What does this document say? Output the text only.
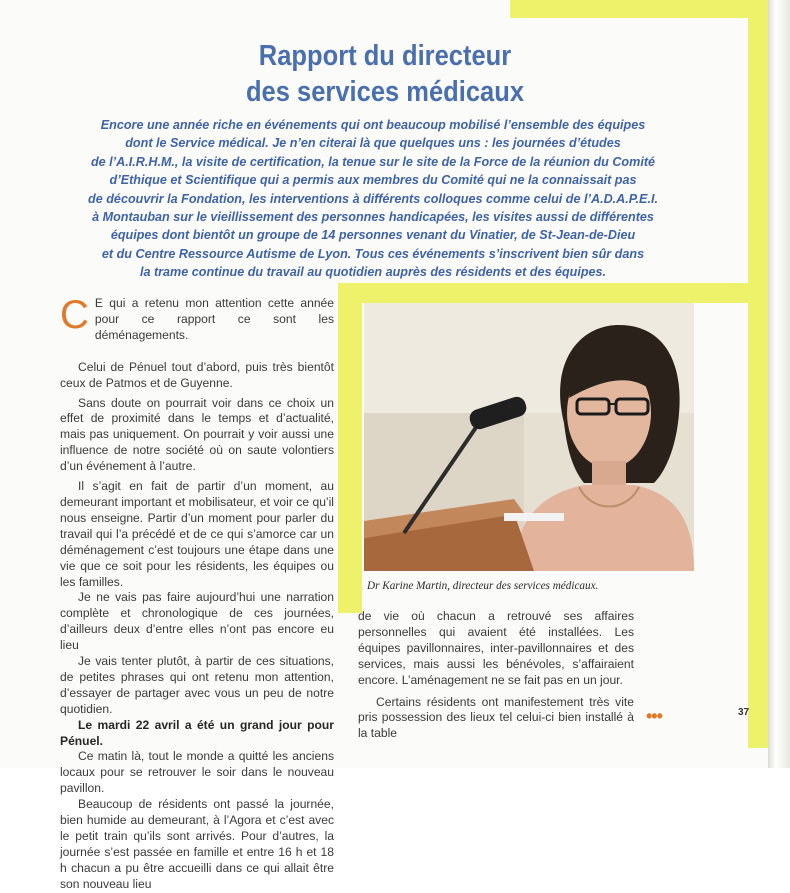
Rapport du directeur
des services médicaux
Encore une année riche en événements qui ont beaucoup mobilisé l’ensemble des équipes
dont le Service médical. Je n’en citerai là que quelques uns : les journées d’études
de l’A.I.R.H.M., la visite de certification, la tenue sur le site de la Force de la réunion du Comité
d’Ethique et Scientifique qui a permis aux membres du Comité qui ne la connaissait pas
de découvrir la Fondation, les interventions à différents colloques comme celui de l’A.D.A.P.E.I.
à Montauban sur le vieillissement des personnes handicapées, les visites aussi de différentes
équipes dont bientôt un groupe de 14 personnes venant du Vinatier, de St-Jean-de-Dieu
et du Centre Ressource Autisme de Lyon. Tous ces événements s’inscrivent bien sûr dans
la trame continue du travail au quotidien auprès des résidents et des équipes.

C E qui a retenu mon attention cette année pour ce rapport ce sont les déménagements.

Celui de Pénuel tout d’abord, puis très bientôt ceux de Patmos et de Guyenne.

Sans doute on pourrait voir dans ce choix un effet de proximité dans le temps et d’actualité, mais pas uniquement. On pourrait y voir aussi une influence de notre société où on saute volontiers d’un événement à l’autre.

Il s’agit en fait de partir d’un moment, au demeurant important et mobilisateur, et voir ce qu’il nous enseigne. Partir d’un moment pour parler du travail qui l’a précédé et de ce qui s’amorce car un déménagement c’est toujours une étape dans une vie que ce soit pour les résidents, les équipes ou les familles.

Je ne vais pas faire aujourd’hui une narration complète et chronologique de ces journées, d’ailleurs deux d’entre elles n’ont pas encore eu lieu

Je vais tenter plutôt, à partir de ces situations, de petites phrases qui ont retenu mon attention, d’essayer de partager avec vous un peu de notre quotidien.

Le mardi 22 avril a été un grand jour pour Pénuel.

Ce matin là, tout le monde a quitté les anciens locaux pour se retrouver le soir dans le nouveau pavillon.

Beaucoup de résidents ont passé la journée, bien humide au demeurant, à l’Agora et c’est avec le petit train qu’ils sont arrivés. Pour d’autres, la journée s’est passée en famille et entre 16 h et 18 h chacun a pu être accueilli dans ce qui allait être son nouveau lieu

Dr Karine Martin, directeur des services médicaux.

de vie où chacun a retrouvé ses affaires personnelles qui avaient été installées. Les équipes pavillonnaires, inter-pavillonnaires et des services, mais aussi les bénévoles, s’affairaient encore. L’aménagement ne se fait pas en un jour.

Certains résidents ont manifestement très vite pris possession des lieux tel celui-ci bien installé à la table

•••	37
